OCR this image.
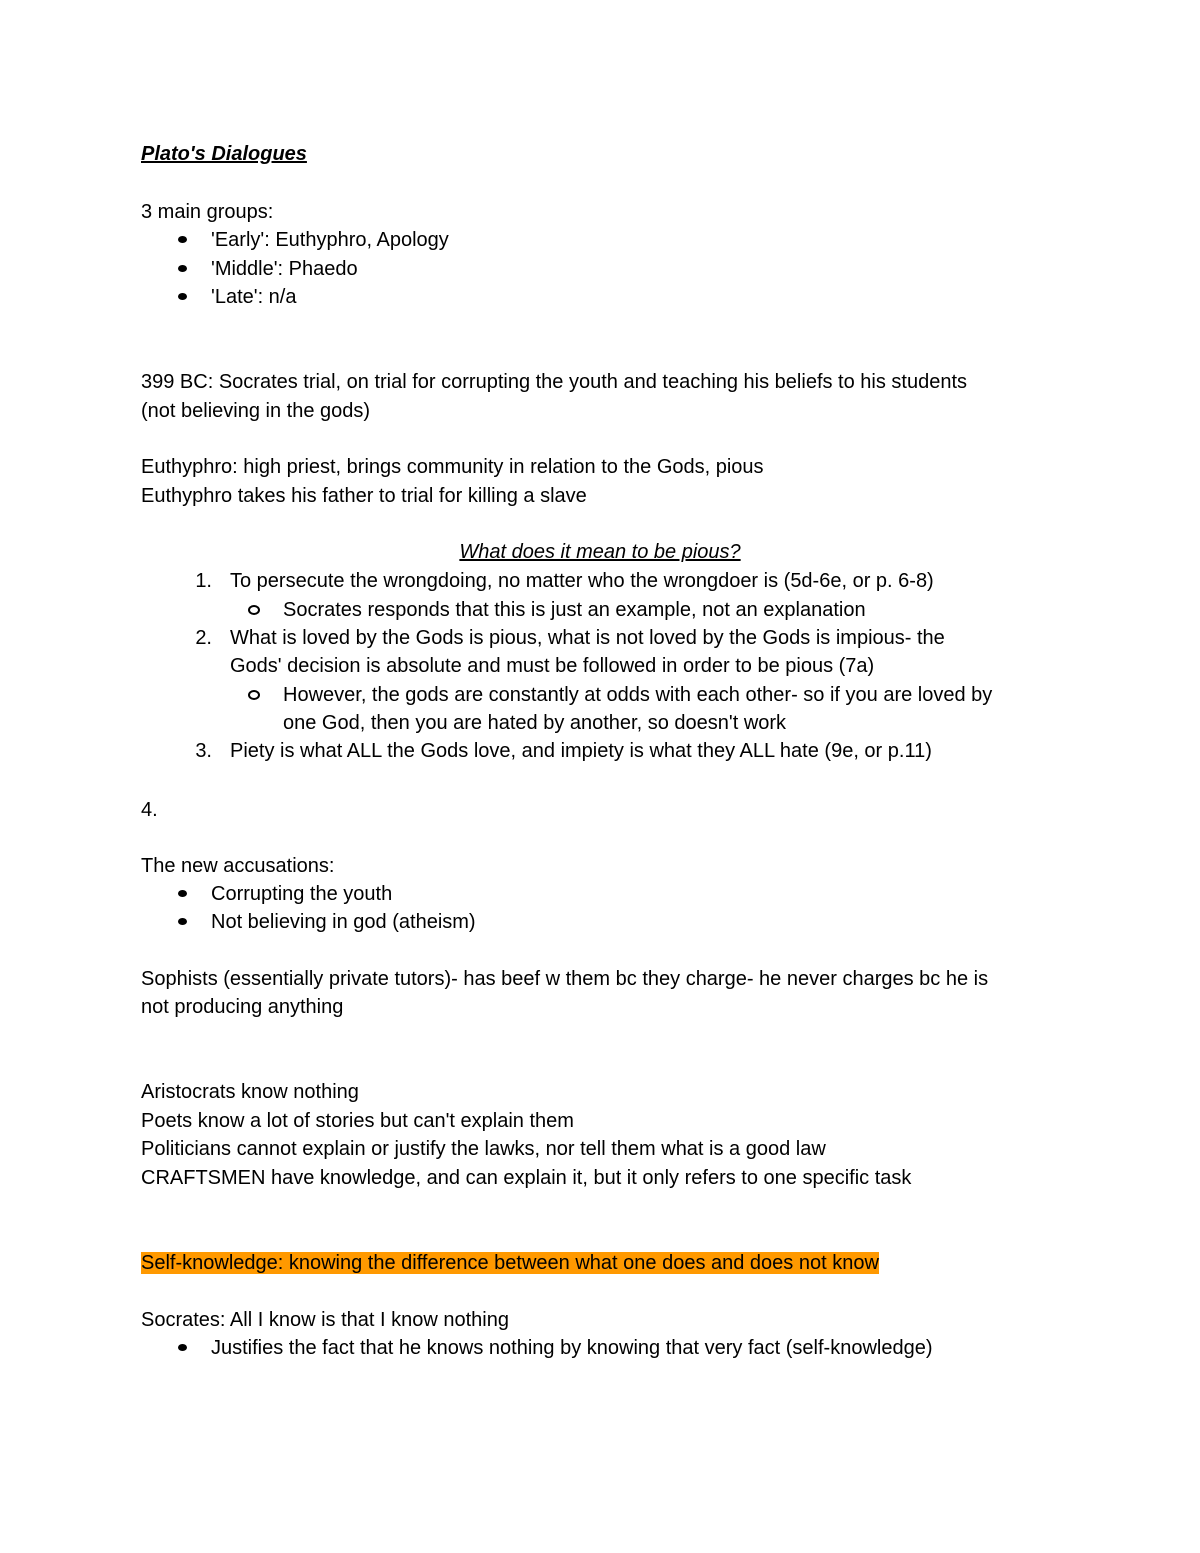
Plato's Dialogues
3 main groups:
'Early': Euthyphro, Apology
'Middle': Phaedo
'Late': n/a
399 BC: Socrates trial, on trial for corrupting the youth and teaching his beliefs to his students
(not believing in the gods)
Euthyphro: high priest, brings community in relation to the Gods, pious
Euthyphro takes his father to trial for killing a slave
What does it mean to be pious?
1. To persecute the wrongdoing, no matter who the wrongdoer is (5d-6e, or p. 6-8)
Socrates responds that this is just an example, not an explanation
2. What is loved by the Gods is pious, what is not loved by the Gods is impious- the
Gods' decision is absolute and must be followed in order to be pious (7a)
However, the gods are constantly at odds with each other- so if you are loved by
one God, then you are hated by another, so doesn't work
3. Piety is what ALL the Gods love, and impiety is what they ALL hate (9e, or p.11)
4.
The new accusations:
Corrupting the youth
Not believing in god (atheism)
Sophists (essentially private tutors)- has beef w them bc they charge- he never charges bc he is
not producing anything
Aristocrats know nothing
Poets know a lot of stories but can't explain them
Politicians cannot explain or justify the lawks, nor tell them what is a good law
CRAFTSMEN have knowledge, and can explain it, but it only refers to one specific task
Self-knowledge: knowing the difference between what one does and does not know
Socrates: All I know is that I know nothing
Justifies the fact that he knows nothing by knowing that very fact (self-knowledge)
